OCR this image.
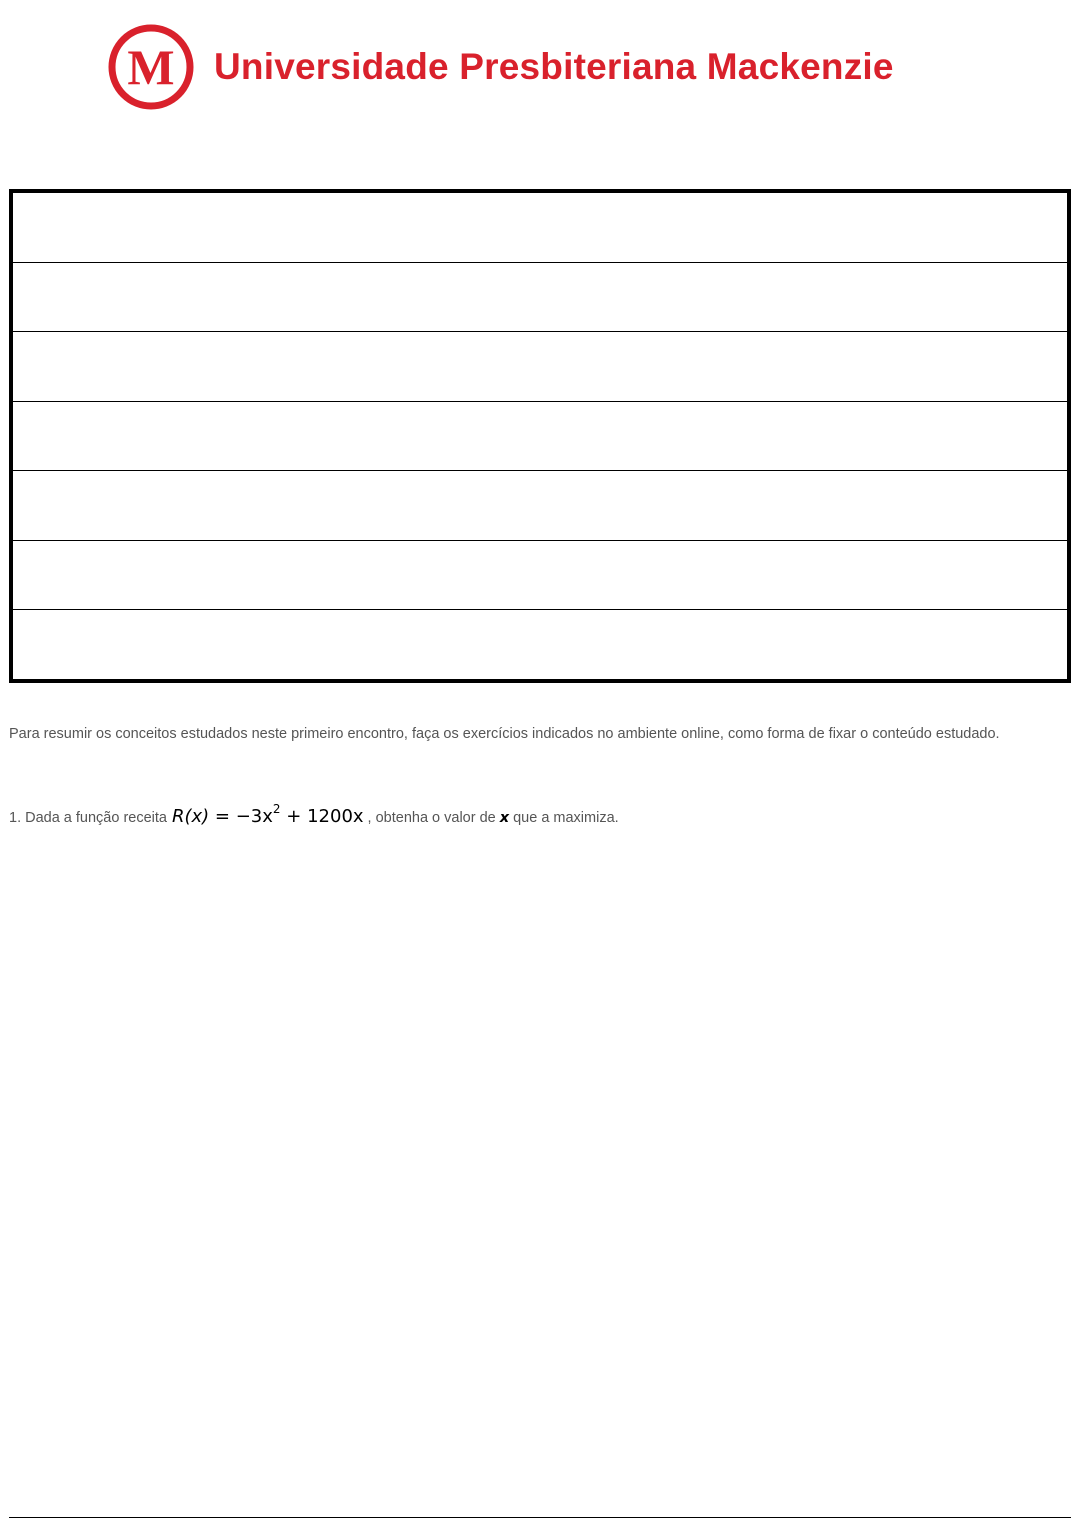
M Universidade Presbiteriana Mackenzie

Para resumir os conceitos estudados neste primeiro encontro, faça os exercícios indicados no ambiente online, como forma de fixar o conteúdo estudado.

1. Dada a função receita $R(x) = -3x^2 + 1200x$ , obtenha o valor de x que a maximiza.
